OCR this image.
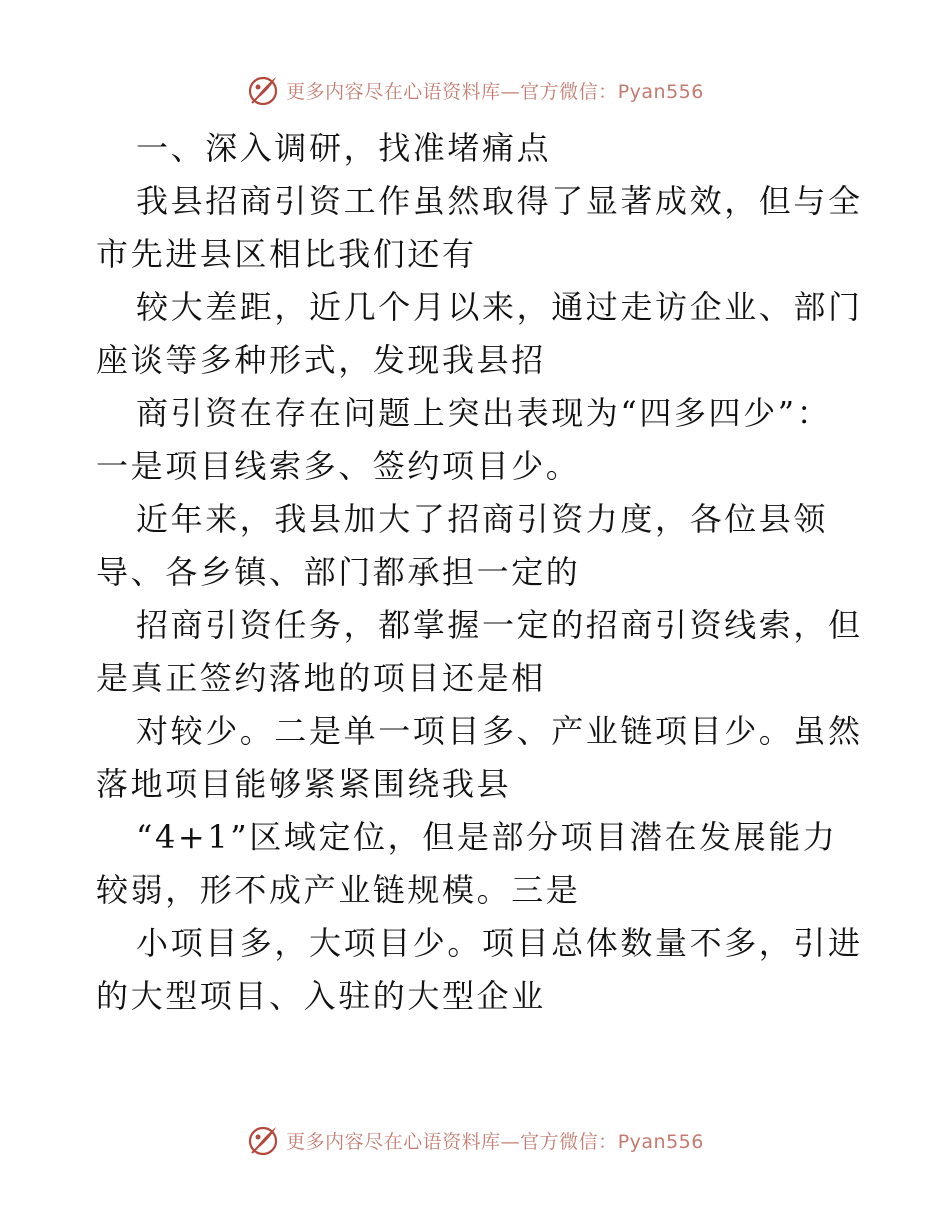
更多内容尽在心语资料库—官方微信：Pyan556
一、深入调研，找准堵痛点
我县招商引资工作虽然取得了显著成效，但与全
市先进县区相比我们还有
较大差距，近几个月以来，通过走访企业、部门
座谈等多种形式，发现我县招
商引资在存在问题上突出表现为“四多四少”：
一是项目线索多、签约项目少。
近年来，我县加大了招商引资力度，各位县领
导、各乡镇、部门都承担一定的
招商引资任务，都掌握一定的招商引资线索，但
是真正签约落地的项目还是相
对较少。二是单一项目多、产业链项目少。虽然
落地项目能够紧紧围绕我县
“4+1”区域定位，但是部分项目潜在发展能力
较弱，形不成产业链规模。三是
小项目多，大项目少。项目总体数量不多，引进
的大型项目、入驻的大型企业
更多内容尽在心语资料库—官方微信：Pyan556
